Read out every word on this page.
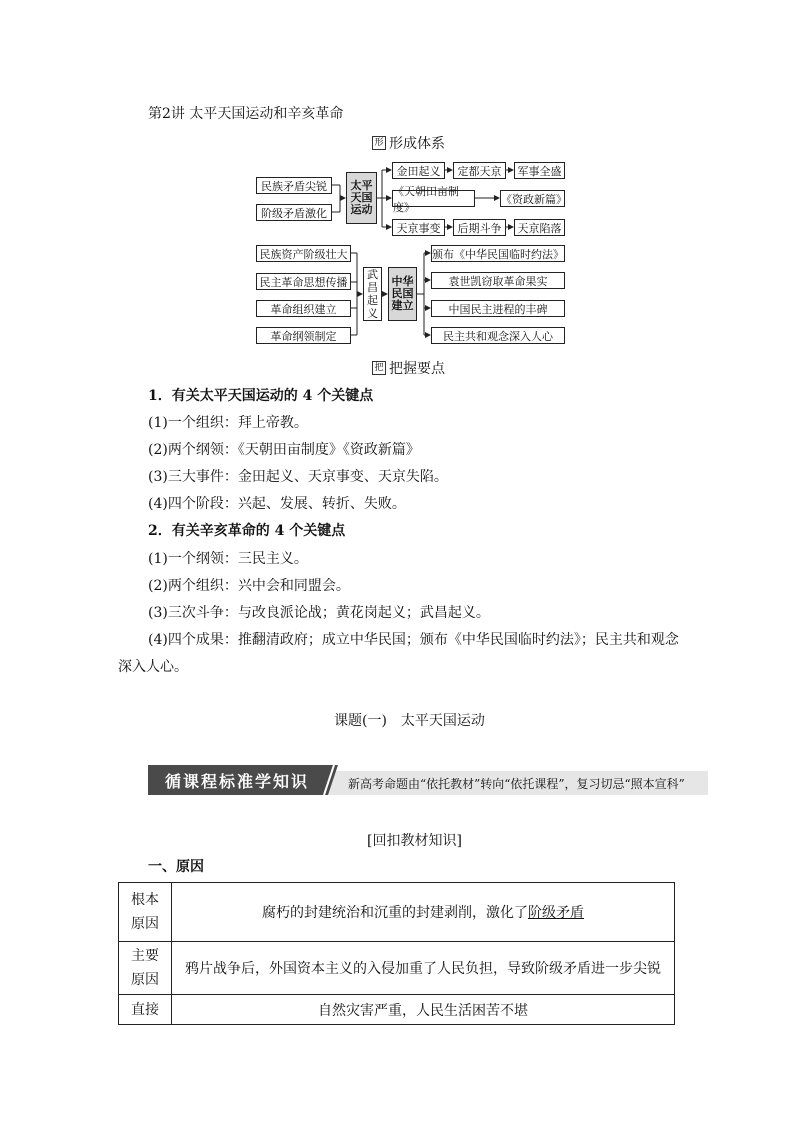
第2讲 太平天国运动和辛亥革命
形 形成体系
民族矛盾尖锐
阶级矛盾激化
太平天国运动
金田起义	定都天京	军事全盛
《天朝田亩制度》
《资政新篇》
天京事变	后期斗争	天京陷落
民族资产阶级壮大
民主革命思想传播
革命组织建立
革命纲领制定
武昌起义
中华民国建立
颁布《中华民国临时约法》
袁世凯窃取革命果实
中国民主进程的丰碑
民主共和观念深入人心
把 把握要点
1．有关太平天国运动的 4 个关键点
(1)一个组织：拜上帝教。
(2)两个纲领：《天朝田亩制度》《资政新篇》
(3)三大事件：金田起义、天京事变、天京失陷。
(4)四个阶段：兴起、发展、转折、失败。
2．有关辛亥革命的 4 个关键点
(1)一个纲领：三民主义。
(2)两个组织：兴中会和同盟会。
(3)三次斗争：与改良派论战；黄花岗起义；武昌起义。
(4)四个成果：推翻清政府；成立中华民国；颁布《中华民国临时约法》；民主共和观念
深入人心。
课题(一)　太平天国运动
新高考命题由“依托教材”转向“依托课程”，复习切忌“照本宣科”
循课程标准学知识
[回扣教材知识]
一、原因
根本原因	腐朽的封建统治和沉重的封建剥削，激化了阶级矛盾
主要原因	鸦片战争后，外国资本主义的入侵加重了人民负担，导致阶级矛盾进一步尖锐
直接	自然灾害严重，人民生活困苦不堪
